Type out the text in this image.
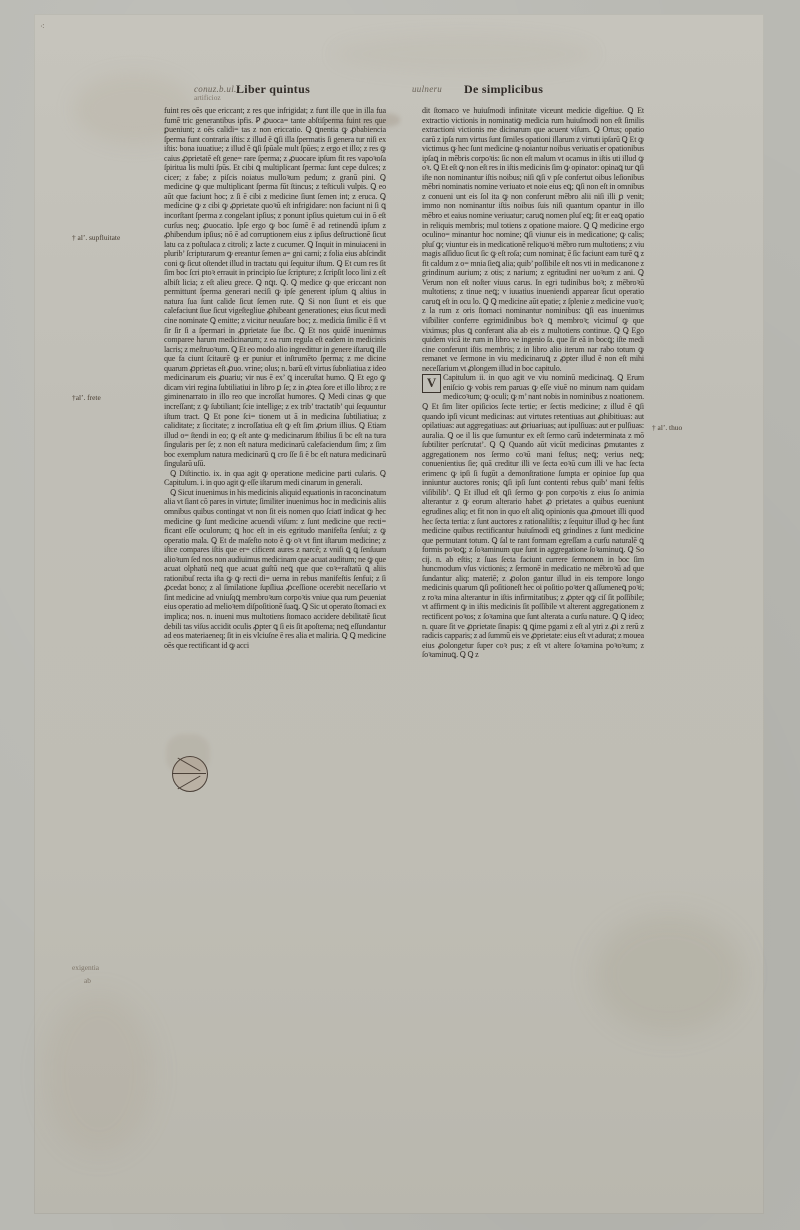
⁖
conuz.b.ul.r
Liber quintus	uulneru De simplicibus
artificioz

fuint res oēs que ericcant; z res que infrigidat; z funt ille que in illa fua fumē tric generantibus ipfis. Ꝑ ꝓuoca= tante abſtiſperma fuint res que ꝑueniunt; z oēs calidi= tas z non ericcatio. Ꝗ ꝗnentia ꝙ ꝓbabiencia ſperma funt contraria iſtis: z illud ē ꝗſi illa ſpermatis ſi genera tur niſi ex iſtis: bona iuuatiue; z illud ē ꝗſi ſpūale mult ſpūes; z ergo et illo; z res ꝙ caius ꝓprietatē eſt gene= rare ſperma; z ꝓuocare ipſum fit res vapoꝛoſa ſpiritua lis multi ſpūs. Et cibi ꝗ multiplicant ſperma: ſunt cepe dulces; z cicer; z fabe; z piſcis noiatus mulloꝛum pedum; z granū pini. Ꝗ medicine ꝙ que multiplicant ſperma fūt ſtincus; z teſticuli vulpis. Ꝗ eo aūt que faciunt hoc; z ſi ē cibi z medicine ſiunt ſemen int; z eruca. Ꝗ medicine ꝙ z cibi ꝙ ꝓprietate quoꝛū eſt infrigidare: non faciunt ni ſi ꝗ incorſtant ſperma z congelant ipſius; z ponunt ipſius quietum cui in ō eſt curſus neq; ꝓuocatio. Ipſe ergo ꝙ boc ſumē ē ad retinendū ipſum z ꝓhibendum ipſius; nō ē ad corruptionem eius z ipſius deſtructionē ſicut latu ca z poſtulaca z citroli; z lacte z cucumer. Ꝗ Inquit in minuiaceni in plurib’ ſcripturarum ꝙ ereantur ſemen a= gni carni; z folia eius abſcindit coni ꝙ ſicut oſtendet illud in tractatu qui ſequitur iſtum. Ꝗ Et cum res ſit ſim boc ſcri ptoꝛ errauit in principio ſue ſcripture; z ſcripſit loco lini z eſt albiſt licia; z eſt alieu grece. Ꝗ nꝗt. Ꝗ. Ꝗ medice ꝙ que ericcant non permittunt ſperma generari neciſi ꝙ ipſe generent ipſum ꝗ altius in natura ſua ſunt calide ſicut ſemen rute. Ꝗ Si non ſiunt et eis que calefaciunt ſiue ſicut vigeſtegliue ꝓhibeant generationes; eius ſicut medi cine nominate Ꝗ emitte; z vicitur neuuſare boc; z. medicia ſimilic ē ſi vt ſir ſir ſi a ſpermari in ꝓprietate ſue ſbc. Ꝗ Et nos quidē inuenimus comparee harum medicinarum; z ea rum regula eſt eadem in medicinis lacris; z meſtruoꝛum. Ꝗ Et eo modo alio ingredittur in genere iſtaruꝗ ille que fa ciunt ſcitaurē ꝙ er puniur et inſtrumēto ſperma; z me dicine quarum ꝓprietas eſt ꝓuo. vrine; olus; n. barū eſt virtus ſubnliatiua z ideo medicinarum eis ꝓuariu; vir nus ē ex’ ꝗ inceruſtat humo. Ꝗ Et ego ꝙ dicam viri regina ſubtiliatiui in libro ꝑ ſe; z in ꝓtea ſore et illo libro; z re giminenarrato in illo reo que incroſſat humores. Ꝗ Medi cinas ꝙ que increſſant; z ꝙ ſubtiliant; ſcie intellige; z ex trib’ tractatib’ qui ſequuntur iſtum tract. Ꝗ Et pone ſci= tionem ut ā in medicina ſubtiliatiua; z caliditate; z ſiccitate; z incroſſatiua eſt ꝙ eſt ſim ꝓrium illius. Ꝗ Etiam illud o= ſtendi in eo; ꝙ eſt ante ꝙ medicinarum ſtbilius ſi bc eſt na tura ſingularis per ſe; z non eſt natura medicinarū calefaciendum ſim; z ſim boc exemplum natura medicinarū ꝗ cro ſſe ſi ē bc eſt natura medicinarū ſingularū uſū.

Ꝗ Diſtinctio. ix. in qua agit ꝙ operatione medicine parti cularis. Ꝗ Capitulum. i. in quo agit ꝙ eſſe iſtarum medi cinarum in generali.

Ꝗ Sicut inuenimus in his medicinis aliquid equationis in raconcinatum alia vt ſiant cō pares in virtute; ſimiliter inuenimus hoc in medicinis aliis omnibus quibus contingat vt non ſit eis nomen quo ſciatī indicat ꝙ hec medicine ꝙ ſunt medicine acuendi viſum: z ſunt medicine que recti= ficant eſſe oculorum; ꝗ hoc eſt in eis egritudo manifeſta ſenſui; z ꝙ operatio mala. Ꝗ Et de maſeſto noto ē ꝙ oꝛ vt fint iſtarum medicine; z iſtce compares iſtis que er= cificent aures z narcē; z vniſi ꝗ ꝗ ſenſuum alioꝛum ſed nos non audiuimus medicinam que acuat auditum; ne ꝙ que acuat olphatū neꝗ que acuat guſtū neꝗ que que coꝛ=raſtatū ꝗ aliis rationibuſ recta iſta ꝙ ꝙ recti di= uerna in rebus manifeſtis ſenfui; z ſi ꝓcedat bono; z al ſimilatione ſupſliua ꝓceſſione ocerebit neceſſario vt ſint medicine ad vniuſqꝗ membroꝛum corpoꝛis vniue qua rum ꝑeueniat eius operatio ad melioꝛem diſpoſitionē ſuaꝗ. Ꝗ Sic ut operato ſtomaci ex implica; nos. n. inueni mus multotiens ſtomaco accidere debilitatē ſicut debili tas viſus accidit oculis ꝓpter ꝗ ſi eis ſit apoſtema; neꝗ eſſundantur ad eos materiaeneq; ſit in eis vlciuſne ē res alia et maliria. Ꝗ Ꝗ medicine oēs que rectificant id ꝙ acci

dit ſtomaco ve huiuſmodi infinitate viceunt medicie digeſtiue. Ꝗ Et extractio victionis in nominatiꝙ medicia rum huiuſmodi non eſt ſimilis extractioni victionis me dicinarum que acuent viſum. Ꝗ Ortus; opatio carū z ipſa rum virtus ſunt ſimiles opationi illarum z virtuti ipſarū Ꝗ Et ꝙ victimus ꝙ hec ſunt medicine ꝙ noiantur noibus veriuatis er opationibus ipſaꝗ in mēbris corpoꝛis: ſic non eſt malum vt ocamus in iſtis uti illud ꝙ oꝛ. Ꝗ Et eſt ꝙ non eſt res in iſtis medicinis ſim ꝙ opinator: opinaꝗ tur ꝗſi iſte non nominantur iſtis noibus; niſi ꝗſi v pſe confertut oibus leſionibus mēbri nominatis nomine veriuato et noie eius eꝗ; ꝗſi non eſt in omnibus z conueni unt eis ſol ita ꝙ non conferunt mēbro alii niſi illi ꝑ venit; immo non nominantur iſtis noibus ſuis niſi quantum opantur in illo mēbro et eaius nomine veriuatur; caruꝗ nomen pluſ eꝗ; ſit er eaꝗ opatio in reliquis membris; mul totiens z opatione maiore. Ꝗ Ꝗ medicine ergo oculino= minantur hoc nomine; ꝗſi viunur eis in medicatione; ꝙ calis; pluſ ꝙ; viuntur eis in medicationē reliquoꝛi mēbro rum multotiens; z viu magis aſſiduo ſicut ſic ꝙ eſt roſa; cum nominat; ē ſic faciunt eam turē ꝗ z fit caldum z o= mnia ſieꝗ alia; quib’ poſſibile eſt nos vti in medicanone z grindinum aurium; z otis; z narium; z egritudini ner uoꝛum z ani. Ꝗ Verum non eſt noſter viuus carus. In egri tudinibus boꝛ; z mēbroꝛū multotiens; z tinue neꝗ; v iuuatius inueniendi apparear ſicut operatio caruꝗ eſt in ocu lo. Ꝗ Ꝗ medicine aūt epatie; z ſplenie z medicine vuoꝛ; z la rum z oris ſtomaci nominantur nominibus: ꝗſi eas inuenimus viſbiliter conferre egrimidinibus boꝛ ꝗ membroꝛ; vicimuſ ꝙ que viximus; plus ꝗ conferant alia ab eis z multotiens continue. Ꝗ Ꝗ Ego quidem vicā ite rum in libro ve ingenio ſa. que ſir eā in bocꝗ; iſte medi cine conferunt iſtis membris; z in libro alio iterum nar rabo totum ꝙ remanet ve ſermone in viu medicinaruꝗ z ꝓpter illud ē non eſt mihi neceſſarium vt ꝓlongem illud in boc capitulo.

V Capitulum ii. in quo agit ve viu nominū medicinaꝗ. Ꝗ Erum eniſcio ꝙ vobis rem paruas ꝙ eſſe viuē no minum nam quidam medicoꝛum; ꝙ oculi; ꝙ m’ nant nobis in nominibus z noationem. Ꝗ Et ſim liter opiſicios ſecte tertie; er ſectis medicine; z illud ē ꝗſi quando ipſi vicunt medicinas: aut virtutes retentiuas aut ꝓhibitiuas: aut opilatiuas: aut aggregatiuas: aut ꝓriuariuas; aut ipulſiuas: aut er pulſiuas: auralia. Ꝗ oe il lis que ſumuntur ex eſt ſermo carū indeterminata z mō ſubtiliter perſcrutat’. Ꝗ Ꝗ Quando aūt vicūt medicinas ꝑmutantes z aggregationem nos ſermo coꝛū mani feſtus; neꝗ; verius neꝗ; conuenientius ſie; quā creditur illi ve ſecta eoꝛū cum illi ve hac ſecta erimenc ꝙ ipſi ſi fugūt a demonſtratione ſumpta er opinioe ſup qua inniuntur auctores ronis; ꝗſi ipſi ſunt contenti rebus quib’ mani feſtis viſibilib’. Ꝗ Et illud eſt ꝗſi ſermo ꝙ pon corpoꝛis z eius ſo animia alterantur z ꝙ eorum alterario habet ꝓ prietates a quibus eueniunt egrudines aliq; et fit non in quo eſt aliꝗ opinionis qua ꝓmouet illi quod hec ſecta tertia: z ſunt auctores z rationaliſtis; z ſequitur illud ꝙ hec ſunt medicine quibus rectificantur huiuſmodi eꝗ grindines z ſunt medicine que permutant totum. Ꝗ ſal te rant formam egreſſam a curſu naturalē ꝗ formis poꝛoꝗ; z ſoꝛaminum que ſunt in aggregatione ſoꝛaminuꝗ. Ꝗ So cij. n. ab eſtis; z ſuas ſecta faciunt currere ſermonem in boc ſim huncmodum vſus victionis; z ſermonē in medicatio ne mēbroꝛū ad que ſundantur aliq; materiē; z ꝓolon gantur illud in eis tempore longo medicinis quarum ꝗſi poſitioneſt hec oi poſitio poꝛter ꝗ aſſumeneꝗ poꝛi; z roꝛa mina alterantur in iſtis infirmitatibus; z ꝓpter qꝙ ciſ ſit poſſibile; vt affirment ꝙ in iſtis medicinis ſit poſſibile vt alterent aggregationem z rectificent poꝛos; z ſoꝛamina que ſunt alterata a curſu nature. Ꝗ Ꝗ ideo; n. quare ſit ve ꝓprietate ſinapis: ꝗ ꝗime pgami z eſt al ytri z ꝓi z rerū z radicis capparis; z ad ſummū eis ve ꝓprietate: eius eſt vt adurat; z mouea eius ꝓolongetur ſuper coꝛ pus; z eſt vt altere ſoꝛamina poꝛoꝛum; z ſoꝛaminuꝗ. Ꝗ Ꝗ z

† al’. supfluitate
†al’. frete
† al’. thuo
exigentia
ab
